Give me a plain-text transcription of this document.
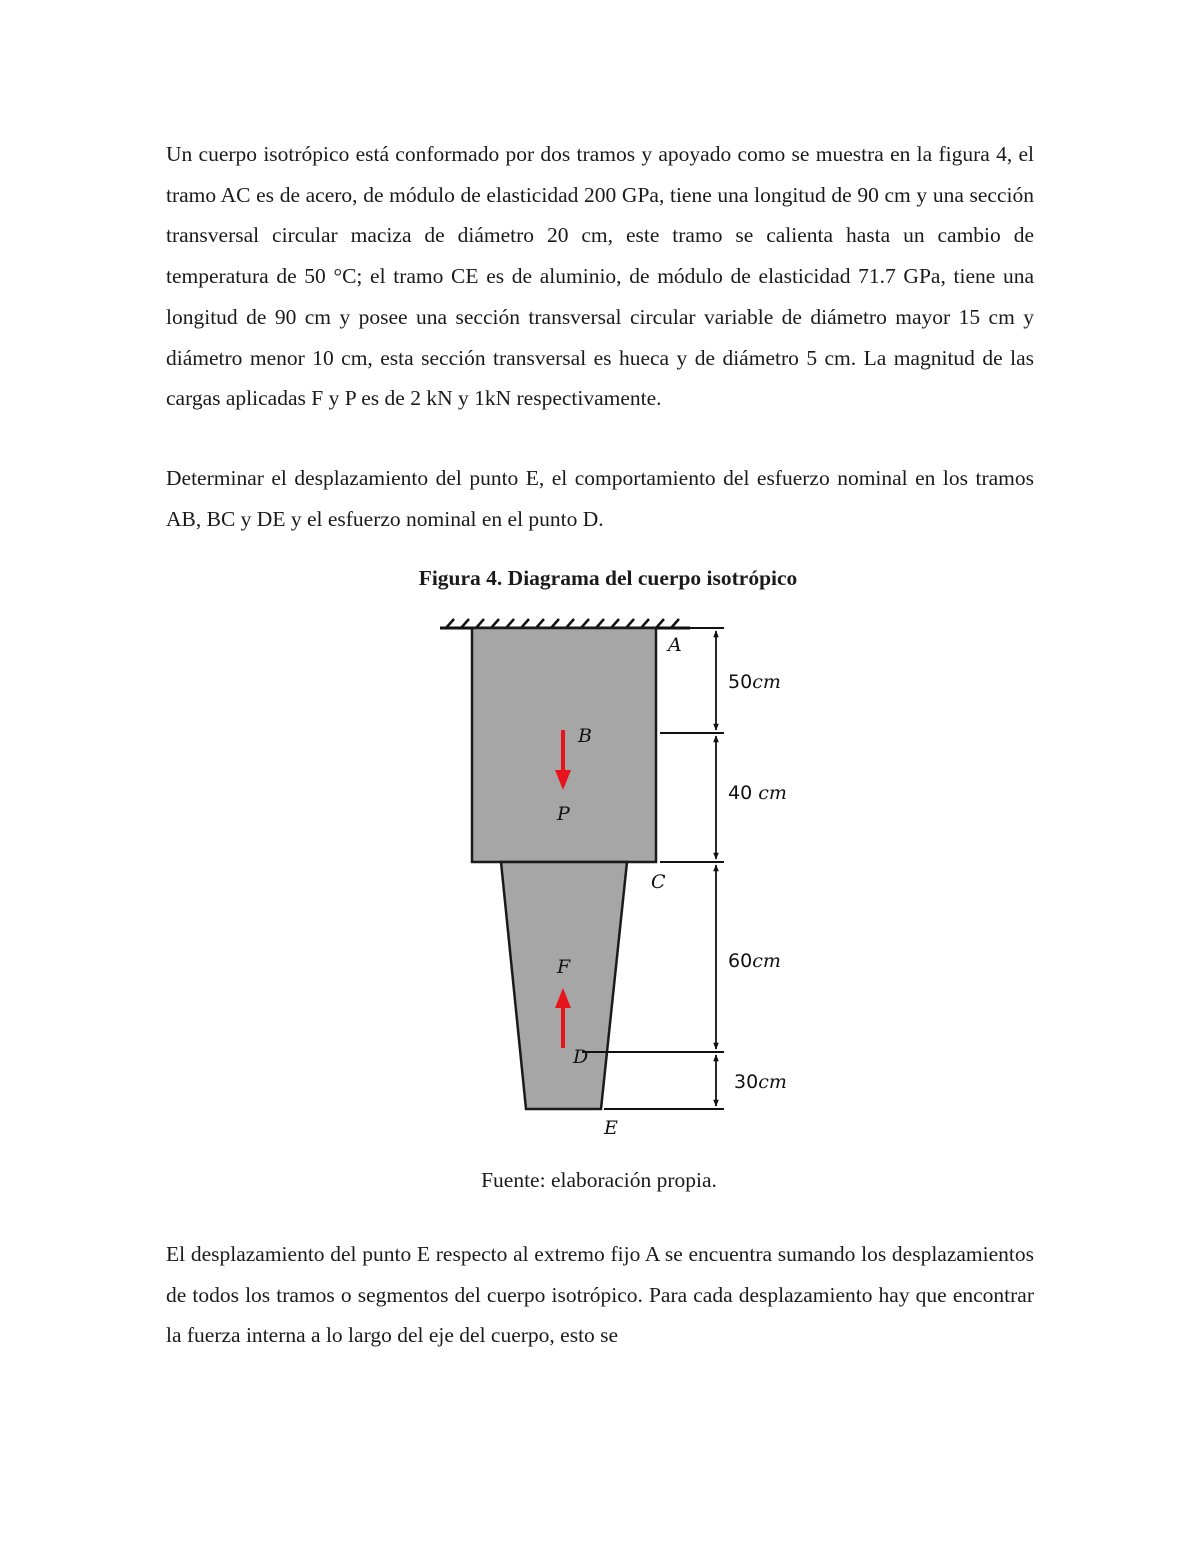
Un cuerpo isotrópico está conformado por dos tramos y apoyado como se muestra en la figura 4, el tramo AC es de acero, de módulo de elasticidad 200 GPa, tiene una longitud de 90 cm y una sección transversal circular maciza de diámetro 20 cm, este tramo se calienta hasta un cambio de temperatura de 50 °C; el tramo CE es de aluminio, de módulo de elasticidad 71.7 GPa, tiene una longitud de 90 cm y posee una sección transversal circular variable de diámetro mayor 15 cm y diámetro menor 10 cm, esta sección transversal es hueca y de diámetro 5 cm. La magnitud de las cargas aplicadas F y P es de 2 kN y 1kN respectivamente.

Determinar el desplazamiento del punto E, el comportamiento del esfuerzo nominal en los tramos AB, BC y DE y el esfuerzo nominal en el punto D.

Figura 4. Diagrama del cuerpo isotrópico
A
B
P
C
F
D
E
50cm
40 cm
60cm
30cm
Fuente: elaboración propia.

El desplazamiento del punto E respecto al extremo fijo A se encuentra sumando los desplazamientos de todos los tramos o segmentos del cuerpo isotrópico. Para cada desplazamiento hay que encontrar la fuerza interna a lo largo del eje del cuerpo, esto se
